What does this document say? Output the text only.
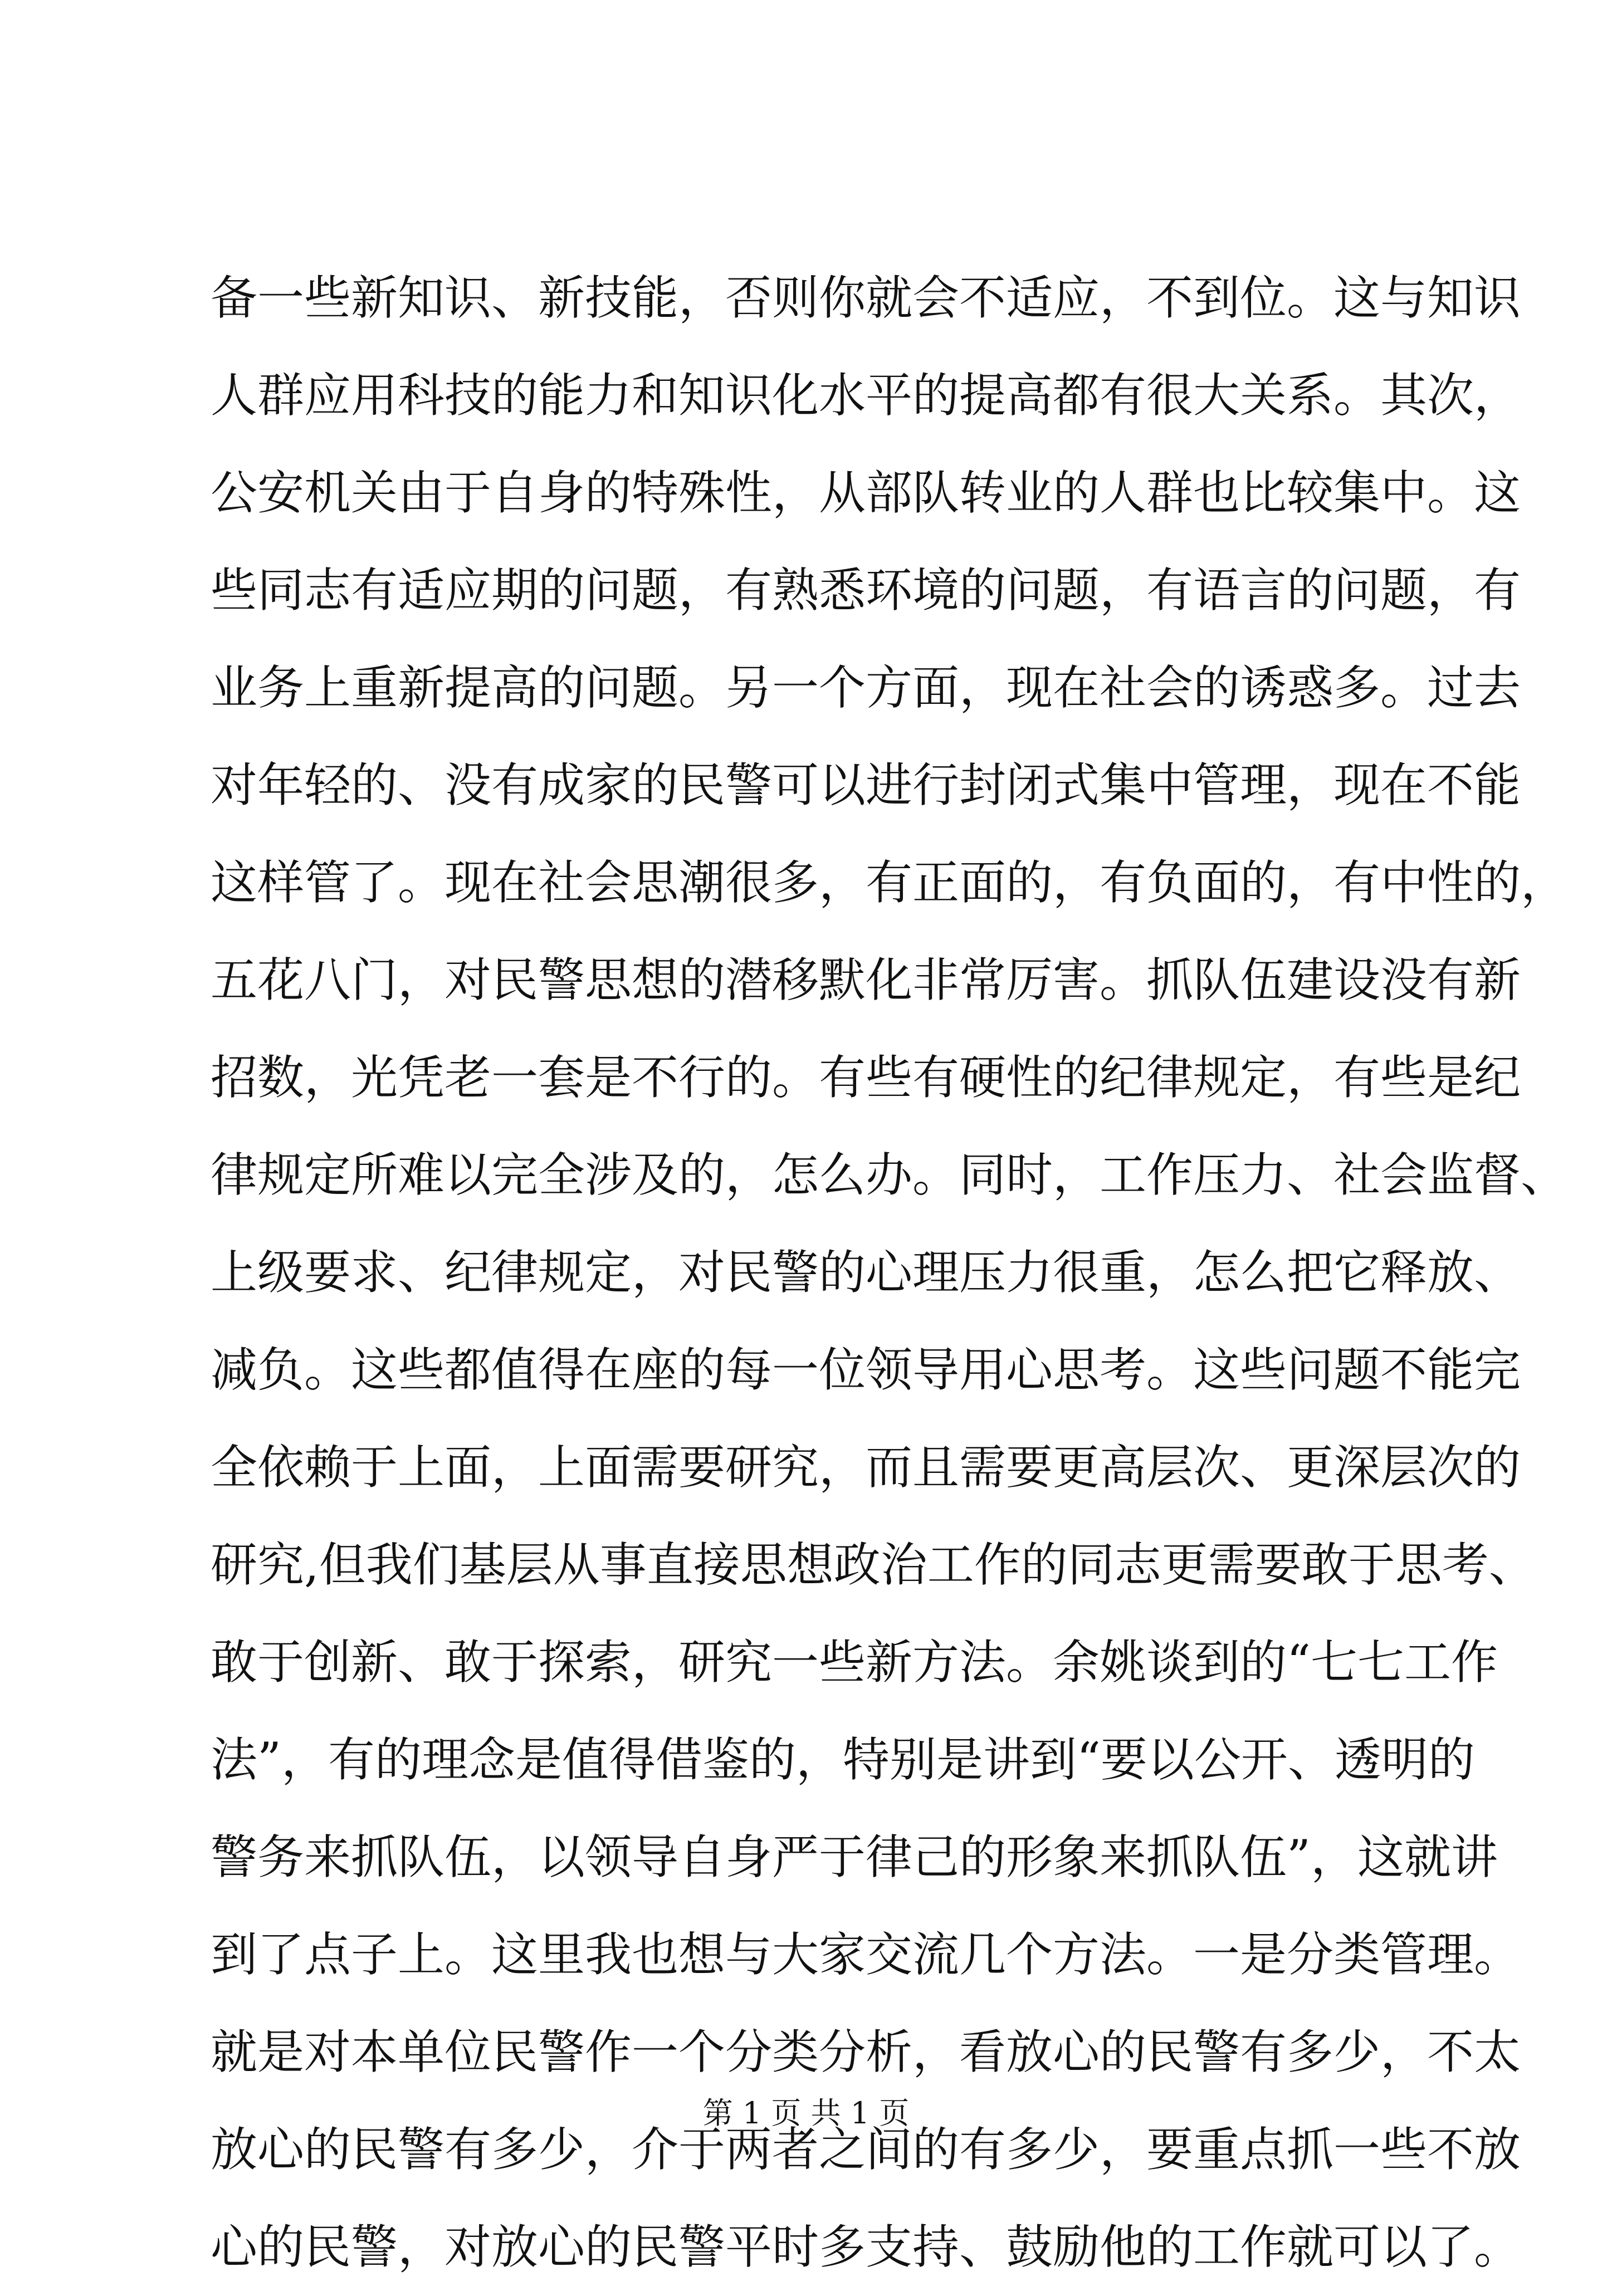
备一些新知识、新技能，否则你就会不适应，不到位。这与知识
人群应用科技的能力和知识化水平的提高都有很大关系。其次，
公安机关由于自身的特殊性，从部队转业的人群也比较集中。这
些同志有适应期的问题，有熟悉环境的问题，有语言的问题，有
业务上重新提高的问题。另一个方面，现在社会的诱惑多。过去
对年轻的、没有成家的民警可以进行封闭式集中管理，现在不能
这样管了。现在社会思潮很多，有正面的，有负面的，有中性的，
五花八门，对民警思想的潜移默化非常厉害。抓队伍建设没有新
招数，光凭老一套是不行的。有些有硬性的纪律规定，有些是纪
律规定所难以完全涉及的，怎么办。同时，工作压力、社会监督、
上级要求、纪律规定，对民警的心理压力很重，怎么把它释放、
减负。这些都值得在座的每一位领导用心思考。这些问题不能完
全依赖于上面，上面需要研究，而且需要更高层次、更深层次的
研究,但我们基层从事直接思想政治工作的同志更需要敢于思考、
敢于创新、敢于探索，研究一些新方法。余姚谈到的“七七工作
法”，有的理念是值得借鉴的，特别是讲到“要以公开、透明的
警务来抓队伍，以领导自身严于律己的形象来抓队伍”，这就讲
到了点子上。这里我也想与大家交流几个方法。一是分类管理。
就是对本单位民警作一个分类分析，看放心的民警有多少，不太
放心的民警有多少，介于两者之间的有多少，要重点抓一些不放
心的民警，对放心的民警平时多支持、鼓励他的工作就可以了。
第 1 页 共 1 页
